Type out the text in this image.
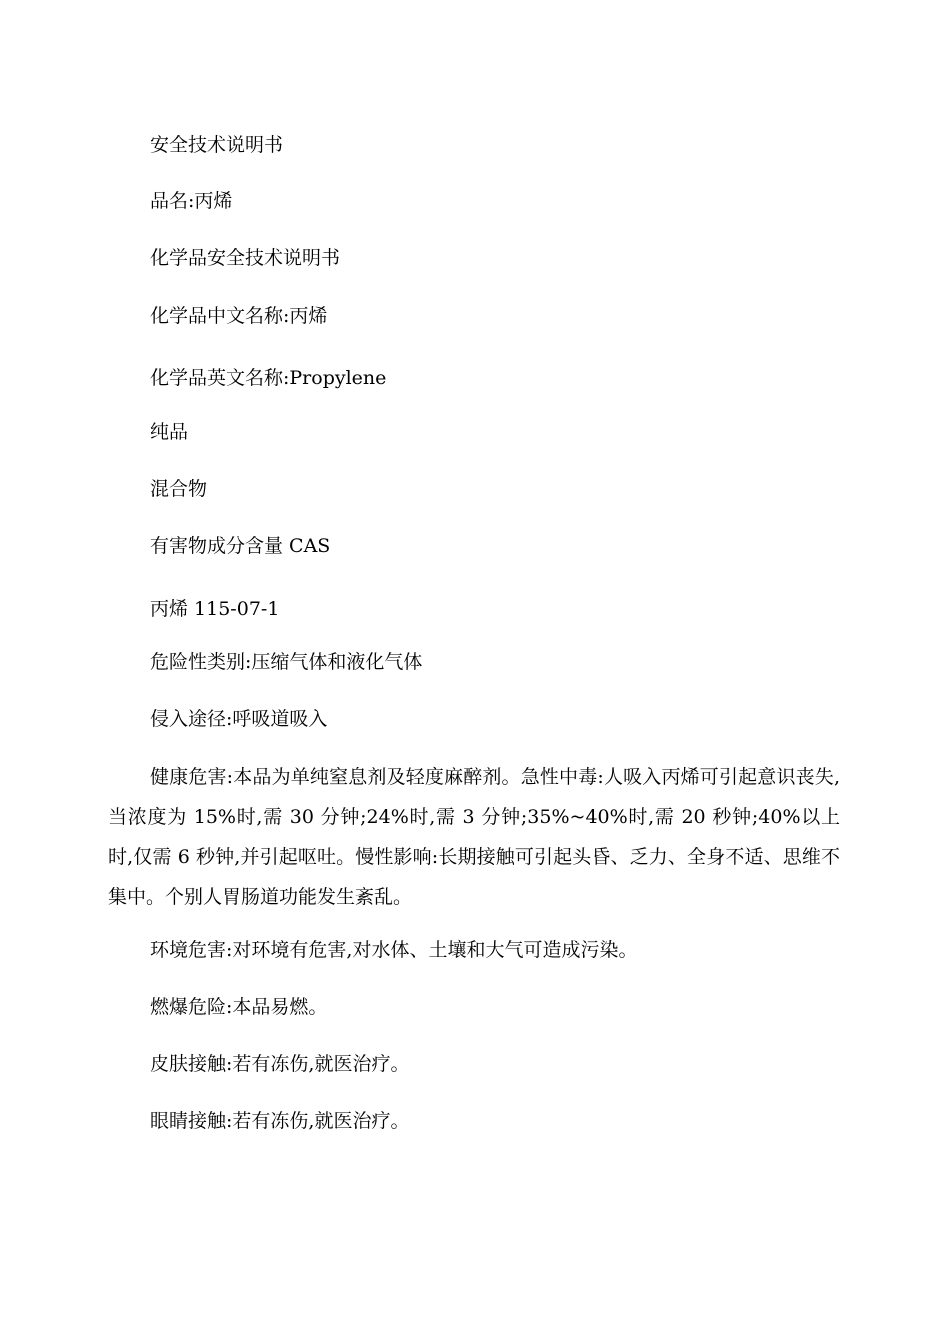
安全技术说明书

品名:丙烯

化学品安全技术说明书

化学品中文名称:丙烯

化学品英文名称:Propylene

纯品

混合物

有害物成分含量 CAS

丙烯 115-07-1

危险性类别:压缩气体和液化气体

侵入途径:呼吸道吸入

健康危害:本品为单纯窒息剂及轻度麻醉剂。急性中毒:人吸入丙烯可引起意识丧失,当浓度为 15%时,需 30 分钟;24%时,需 3 分钟;35%~40%时,需 20 秒钟;40%以上时,仅需 6 秒钟,并引起呕吐。慢性影响:长期接触可引起头昏、乏力、全身不适、思维不集中。个别人胃肠道功能发生紊乱。

环境危害:对环境有危害,对水体、土壤和大气可造成污染。

燃爆危险:本品易燃。

皮肤接触:若有冻伤,就医治疗。

眼睛接触:若有冻伤,就医治疗。
